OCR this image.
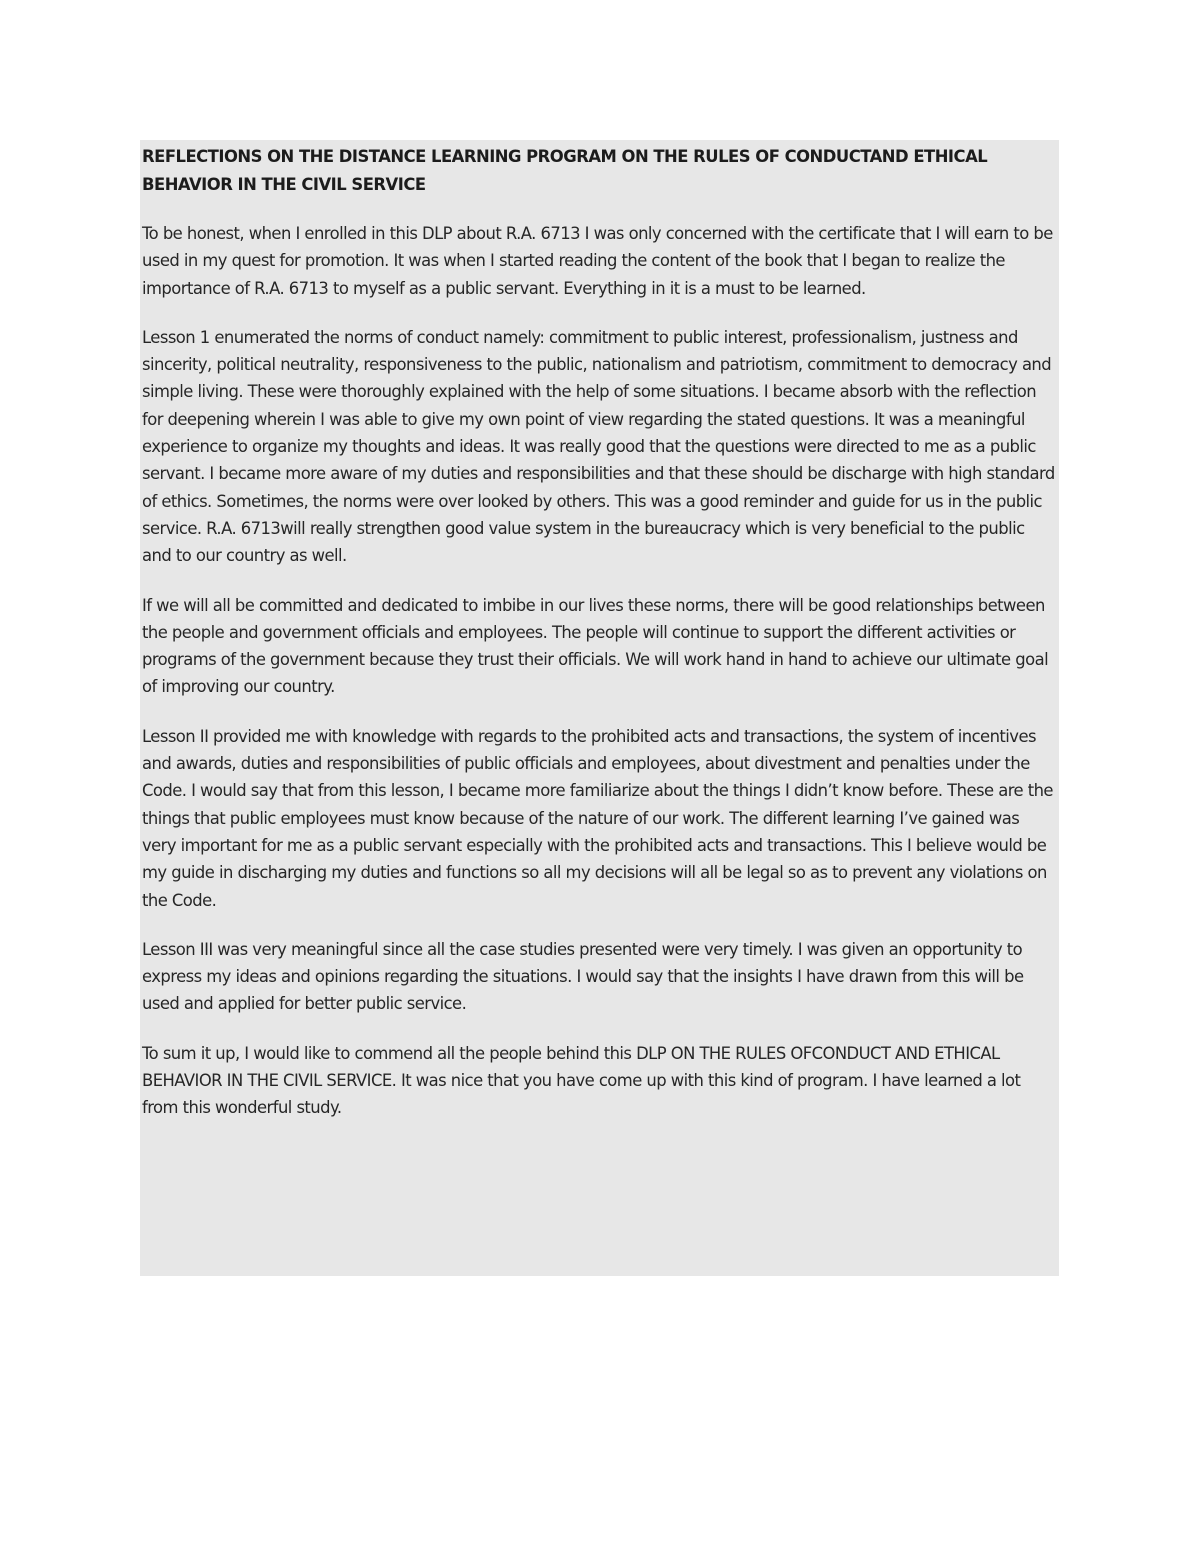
REFLECTIONS ON THE DISTANCE LEARNING PROGRAM ON THE RULES OF CONDUCTAND ETHICAL BEHAVIOR IN THE CIVIL SERVICE

To be honest, when I enrolled in this DLP about R.A. 6713 I was only concerned with the certificate that I will earn to be used in my quest for promotion. It was when I started reading the content of the book that I began to realize the importance of R.A. 6713 to myself as a public servant. Everything in it is a must to be learned.

Lesson 1 enumerated the norms of conduct namely: commitment to public interest, professionalism, justness and sincerity, political neutrality, responsiveness to the public, nationalism and patriotism, commitment to democracy and simple living. These were thoroughly explained with the help of some situations. I became absorb with the reflection for deepening wherein I was able to give my own point of view regarding the stated questions. It was a meaningful experience to organize my thoughts and ideas. It was really good that the questions were directed to me as a public servant. I became more aware of my duties and responsibilities and that these should be discharge with high standard of ethics. Sometimes, the norms were over looked by others. This was a good reminder and guide for us in the public service. R.A. 6713will really strengthen good value system in the bureaucracy which is very beneficial to the public and to our country as well.

If we will all be committed and dedicated to imbibe in our lives these norms, there will be good relationships between the people and government officials and employees. The people will continue to support the different activities or programs of the government because they trust their officials. We will work hand in hand to achieve our ultimate goal of improving our country.

Lesson II provided me with knowledge with regards to the prohibited acts and transactions, the system of incentives and awards, duties and responsibilities of public officials and employees, about divestment and penalties under the Code. I would say that from this lesson, I became more familiarize about the things I didn’t know before. These are the things that public employees must know because of the nature of our work. The different learning I’ve gained was very important for me as a public servant especially with the prohibited acts and transactions. This I believe would be my guide in discharging my duties and functions so all my decisions will all be legal so as to prevent any violations on the Code.

Lesson III was very meaningful since all the case studies presented were very timely. I was given an opportunity to express my ideas and opinions regarding the situations. I would say that the insights I have drawn from this will be used and applied for better public service.

To sum it up, I would like to commend all the people behind this DLP ON THE RULES OFCONDUCT AND ETHICAL BEHAVIOR IN THE CIVIL SERVICE. It was nice that you have come up with this kind of program. I have learned a lot from this wonderful study.
